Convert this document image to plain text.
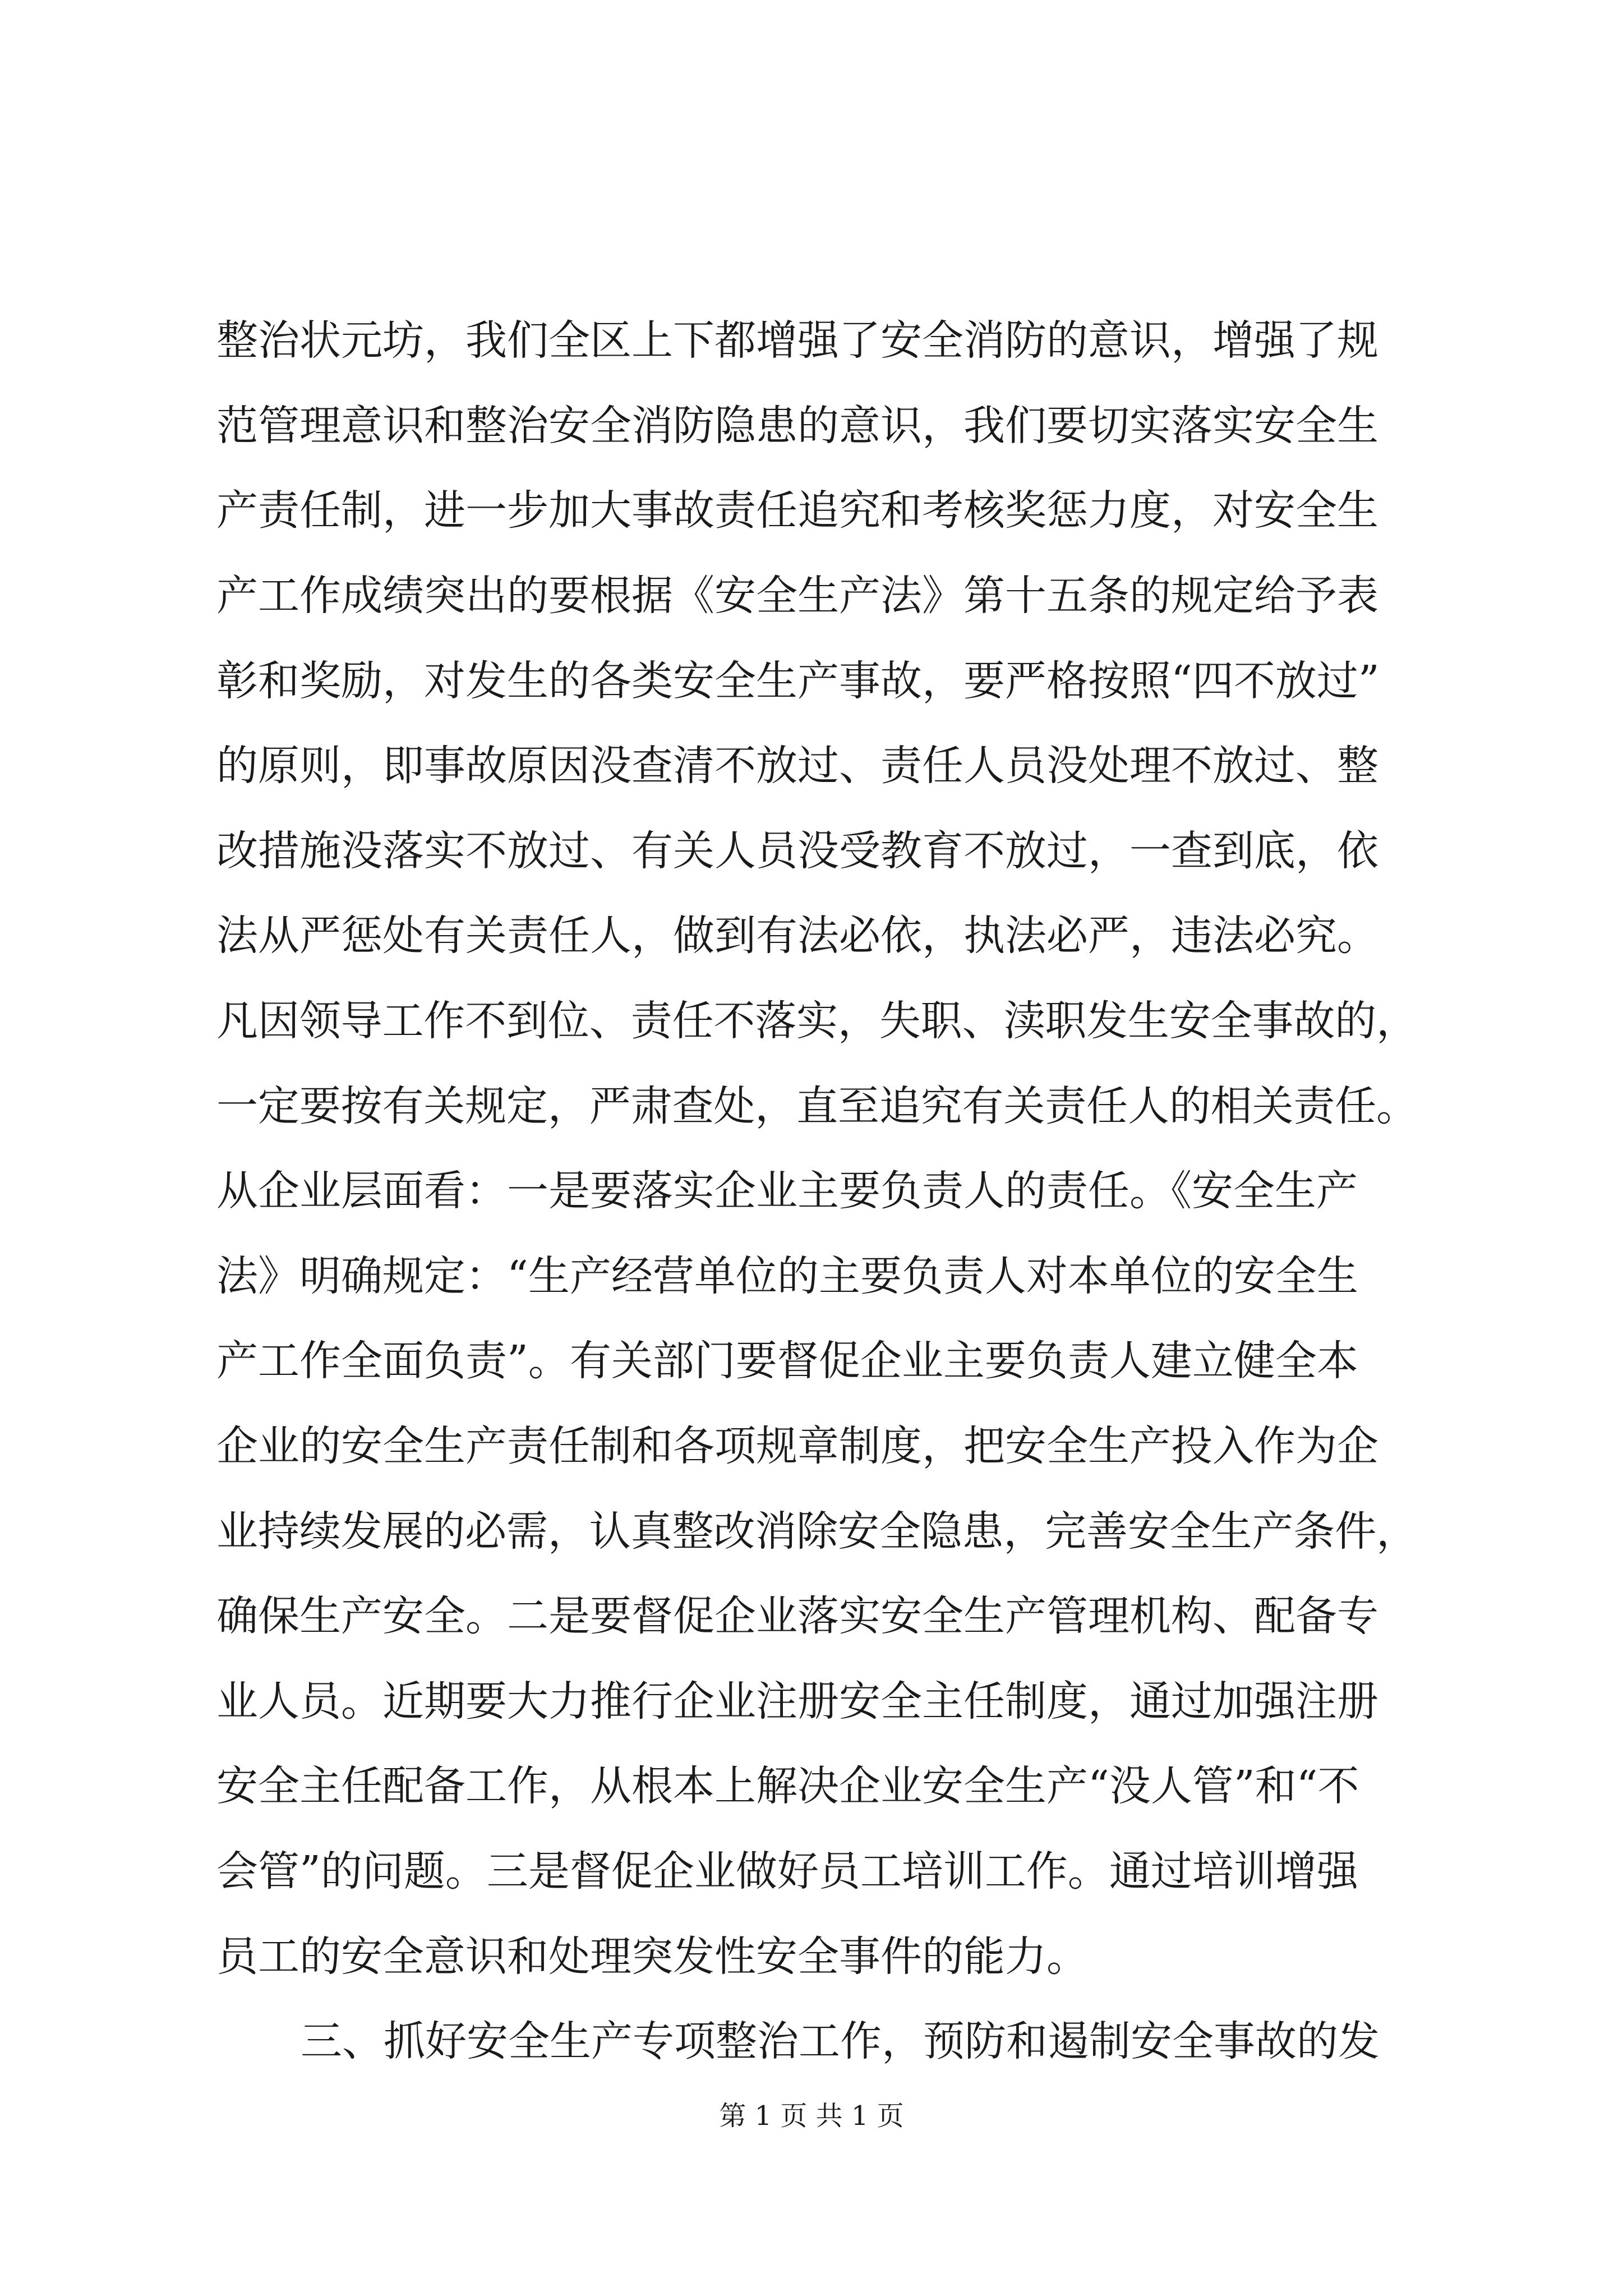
整治状元坊，我们全区上下都增强了安全消防的意识，增强了规
范管理意识和整治安全消防隐患的意识，我们要切实落实安全生
产责任制，进一步加大事故责任追究和考核奖惩力度，对安全生
产工作成绩突出的要根据《安全生产法》第十五条的规定给予表
彰和奖励，对发生的各类安全生产事故，要严格按照“四不放过”
的原则，即事故原因没查清不放过、责任人员没处理不放过、整
改措施没落实不放过、有关人员没受教育不放过，一查到底，依
法从严惩处有关责任人，做到有法必依，执法必严，违法必究。
凡因领导工作不到位、责任不落实，失职、渎职发生安全事故的，
一定要按有关规定，严肃查处，直至追究有关责任人的相关责任。
从企业层面看：一是要落实企业主要负责人的责任。《安全生产
法》明确规定：“生产经营单位的主要负责人对本单位的安全生
产工作全面负责”。有关部门要督促企业主要负责人建立健全本
企业的安全生产责任制和各项规章制度，把安全生产投入作为企
业持续发展的必需，认真整改消除安全隐患，完善安全生产条件，
确保生产安全。二是要督促企业落实安全生产管理机构、配备专
业人员。近期要大力推行企业注册安全主任制度，通过加强注册
安全主任配备工作，从根本上解决企业安全生产“没人管”和“不
会管”的问题。三是督促企业做好员工培训工作。通过培训增强
员工的安全意识和处理突发性安全事件的能力。
三、抓好安全生产专项整治工作，预防和遏制安全事故的发
第 1 页 共 1 页
